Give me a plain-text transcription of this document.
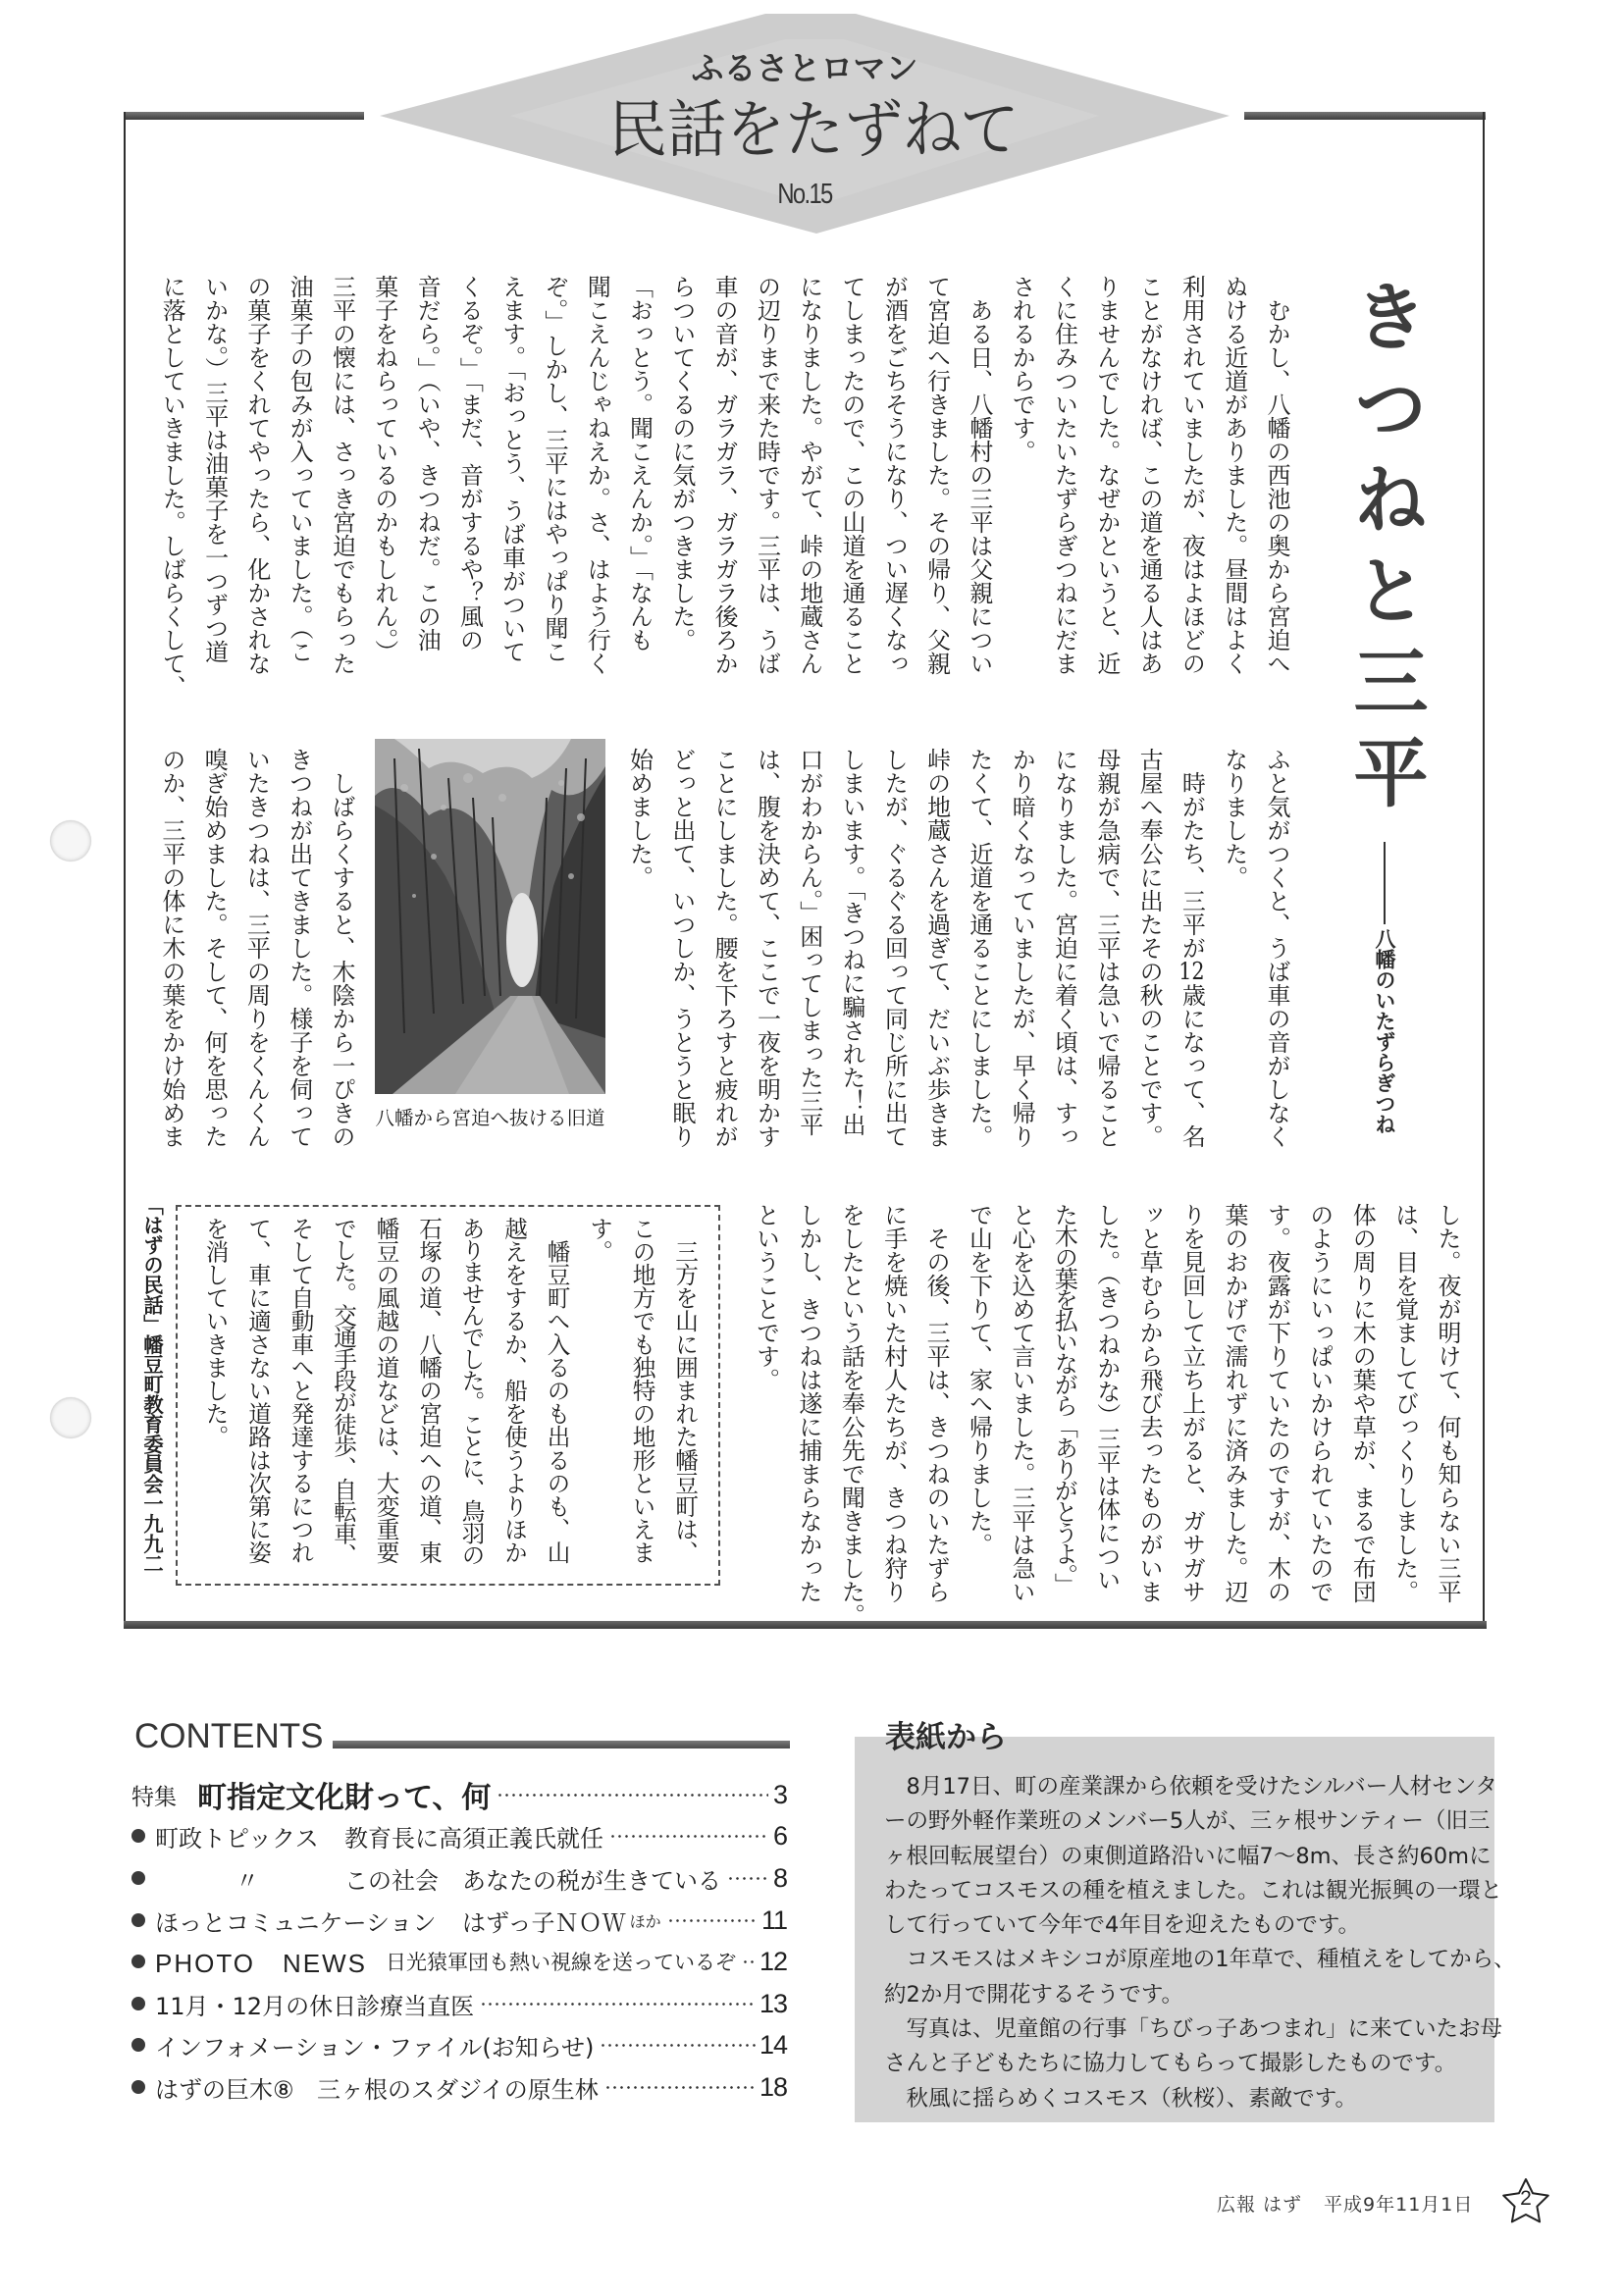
ふるさとロマン
民話をたずねて
No.15
きつねと三平
八幡のいたずらぎつね
　むかし、八幡の西池の奥から宮迫へ
ぬける近道がありました。昼間はよく
利用されていましたが、夜はよほどの
ことがなければ、この道を通る人はあ
りませんでした。なぜかというと、近
くに住みついたいたずらぎつねにだま
されるからです。
　ある日、八幡村の三平は父親につい
て宮迫へ行きました。その帰り、父親
が酒をごちそうになり、つい遅くなっ
てしまったので、この山道を通ること
になりました。やがて、峠の地蔵さん
の辺りまで来た時です。三平は、うば
車の音が、ガラガラ、ガラガラ後ろか
らついてくるのに気がつきました。
「おっとう。聞こえんか。」「なんも
聞こえんじゃねえか。さ、はよう行く
ぞ。」しかし、三平にはやっぱり聞こ
えます。「おっとう、うば車がついて
くるぞ。」「まだ、音がするや？風の
音だら。」（いや、きつねだ。この油
菓子をねらっているのかもしれん。）
三平の懐には、さっき宮迫でもらった
油菓子の包みが入っていました。（こ
の菓子をくれてやったら、化かされな
いかな。）三平は油菓子を一つずつ道
に落としていきました。しばらくして、
ふと気がつくと、うば車の音がしなく
なりました。
　時がたち、三平が12歳になって、名
古屋へ奉公に出たその秋のことです。
母親が急病で、三平は急いで帰ること
になりました。宮迫に着く頃は、すっ
かり暗くなっていましたが、早く帰り
たくて、近道を通ることにしました。
峠の地蔵さんを過ぎて、だいぶ歩きま
したが、ぐるぐる回って同じ所に出て
しまいます。「きつねに騙された！出
口がわからん。」困ってしまった三平
は、腹を決めて、ここで一夜を明かす
ことにしました。腰を下ろすと疲れが
どっと出て、いつしか、うとうと眠り
始めました。
八幡から宮迫へ抜ける旧道
　しばらくすると、木陰から一ぴきの
きつねが出てきました。様子を伺って
いたきつねは、三平の周りをくんくん
嗅ぎ始めました。そして、何を思った
のか、三平の体に木の葉をかけ始めま
した。夜が明けて、何も知らない三平
は、目を覚ましてびっくりしました。
体の周りに木の葉や草が、まるで布団
のようにいっぱいかけられていたので
す。夜露が下りていたのですが、木の
葉のおかげで濡れずに済みました。辺
りを見回して立ち上がると、ガサガサ
ッと草むらから飛び去ったものがいま
した。（きつねかな）三平は体につい
た木の葉を払いながら「ありがとうよ。」
と心を込めて言いました。三平は急い
で山を下りて、家へ帰りました。
　その後、三平は、きつねのいたずら
に手を焼いた村人たちが、きつね狩り
をしたという話を奉公先で聞きました。
しかし、きつねは遂に捕まらなかった
ということです。
　三方を山に囲まれた幡豆町は、
この地方でも独特の地形といえま
す。
　幡豆町へ入るのも出るのも、山
越えをするか、船を使うよりほか
ありませんでした。ことに、鳥羽の
石塚の道、八幡の宮迫への道、東
幡豆の風越の道などは、大変重要
でした。交通手段が徒歩、自転車、
そして自動車へと発達するにつれ
て、車に適さない道路は次第に姿
を消していきました。
「はずの民話」幡豆町教育委員会一九九二
CONTENTS
特集 町指定文化財って、何	3
町政トピックス	教育長に高須正義氏就任	6
〃	この社会　あなたの税が生きている 8
ほっとコミュニケーション	はずっ子ＮＯＷ ほか	11
PHOTO　NEWS 日光猿軍団も熱い視線を送っているぞ 12
11月・12月の休日診療当直医	13
インフォメーション・ファイル(お知らせ)	14
はずの巨木⑧ 三ヶ根のスダジイの原生林	18
表紙から
　8月17日、町の産業課から依頼を受けたシルバー人材センタ
ーの野外軽作業班のメンバー5人が、三ヶ根サンティー（旧三
ヶ根回転展望台）の東側道路沿いに幅7～8m、長さ約60mに
わたってコスモスの種を植えました。これは観光振興の一環と
して行っていて今年で4年目を迎えたものです。
　コスモスはメキシコが原産地の1年草で、種植えをしてから、
約2か月で開花するそうです。
　写真は、児童館の行事「ちびっ子あつまれ」に来ていたお母
さんと子どもたちに協力してもらって撮影したものです。
　秋風に揺らめくコスモス（秋桜）、素敵です。
広報 はず 平成9年11月1日	2
